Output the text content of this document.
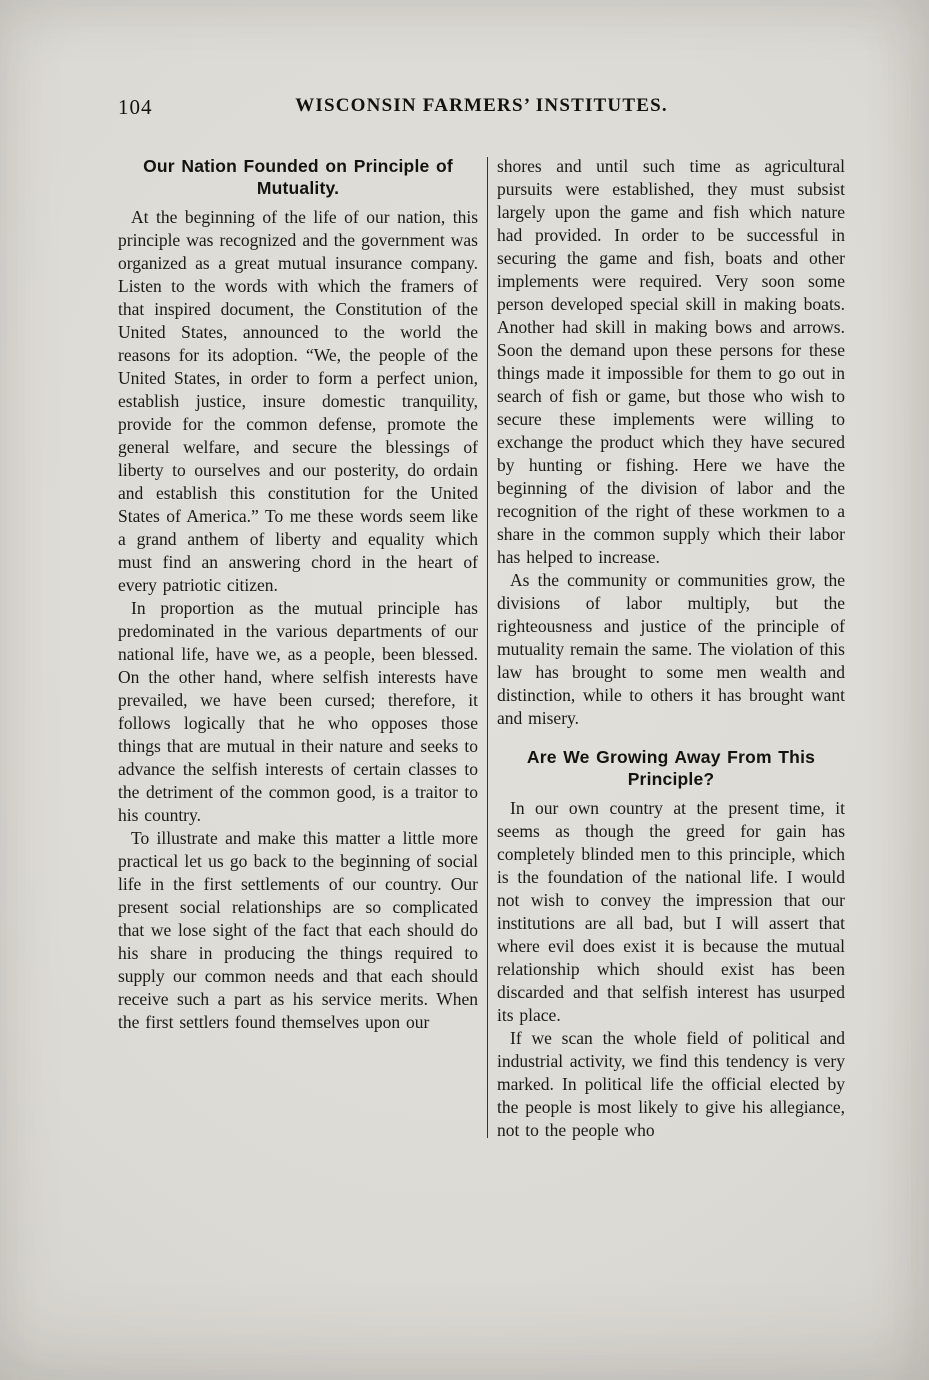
104	WISCONSIN FARMERS’ INSTITUTES.
Our Nation Founded on Principle of Mutuality.

At the beginning of the life of our nation, this principle was recognized and the government was organized as a great mutual insurance company. Listen to the words with which the framers of that inspired document, the Constitution of the United States, announced to the world the reasons for its adoption. “We, the people of the United States, in order to form a perfect union, establish justice, insure domestic tranquility, provide for the common defense, promote the general welfare, and secure the blessings of liberty to ourselves and our posterity, do ordain and establish this constitution for the United States of America.” To me these words seem like a grand anthem of liberty and equality which must find an answering chord in the heart of every patriotic citizen.

In proportion as the mutual principle has predominated in the various departments of our national life, have we, as a people, been blessed. On the other hand, where selfish interests have prevailed, we have been cursed; therefore, it follows logically that he who opposes those things that are mutual in their nature and seeks to advance the selfish interests of certain classes to the detriment of the common good, is a traitor to his country.

To illustrate and make this matter a little more practical let us go back to the beginning of social life in the first settlements of our country. Our present social relationships are so complicated that we lose sight of the fact that each should do his share in producing the things required to supply our common needs and that each should receive such a part as his service merits. When the first settlers found themselves upon our

shores and until such time as agricultural pursuits were established, they must subsist largely upon the game and fish which nature had provided. In order to be successful in securing the game and fish, boats and other implements were required. Very soon some person developed special skill in making boats. Another had skill in making bows and arrows. Soon the demand upon these persons for these things made it impossible for them to go out in search of fish or game, but those who wish to secure these implements were willing to exchange the product which they have secured by hunting or fishing. Here we have the beginning of the division of labor and the recognition of the right of these workmen to a share in the common supply which their labor has helped to increase.

As the community or communities grow, the divisions of labor multiply, but the righteousness and justice of the principle of mutuality remain the same. The violation of this law has brought to some men wealth and distinction, while to others it has brought want and misery.

Are We Growing Away From This Principle?

In our own country at the present time, it seems as though the greed for gain has completely blinded men to this principle, which is the foundation of the national life. I would not wish to convey the impression that our institutions are all bad, but I will assert that where evil does exist it is because the mutual relationship which should exist has been discarded and that selfish interest has usurped its place.

If we scan the whole field of political and industrial activity, we find this tendency is very marked. In political life the official elected by the people is most likely to give his allegiance, not to the people who
